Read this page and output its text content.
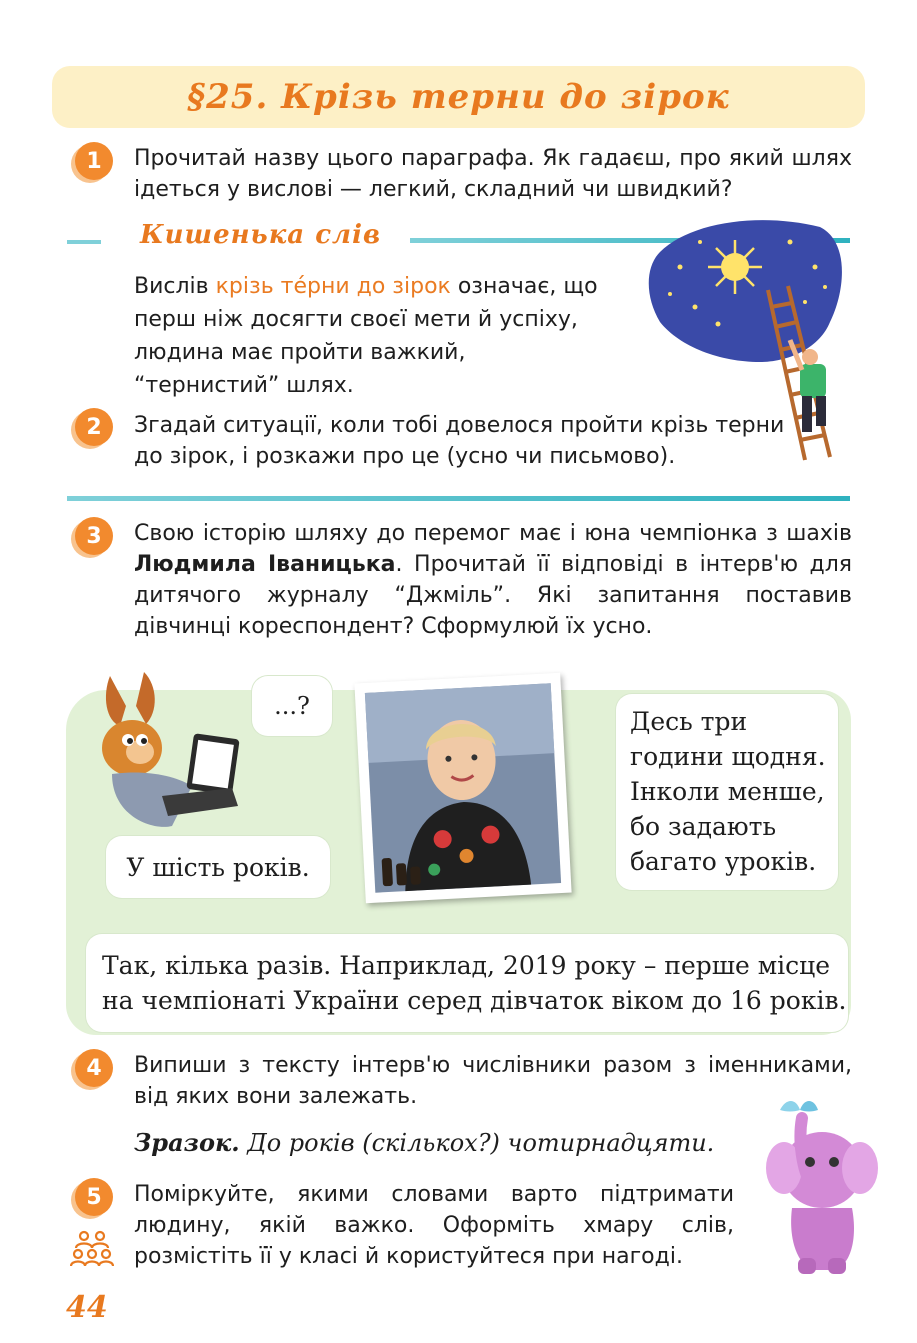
§25. Крізь терни до зірок
1	Прочитай назву цього параграфа. Як гадаєш, про який шлях ідеться у вислові — легкий, складний чи швидкий?
Кишенька слів
Вислів крізь те́рни до зірок означає, що перш ніж досягти своєї мети й успіху, людина має пройти важкий, “тернистий” шлях.
2	Згадай ситуації, коли тобі довелося пройти крізь терни до зірок, і розкажи про це (усно чи письмово).
3	Свою історію шляху до перемог має і юна чемпіонка з шахів Людмила Іваницька. Прочитай її відповіді в інтерв'ю для дитячого журналу “Джміль”. Які запитання поставив дівчинці кореспондент? Сформулюй їх усно.
...?
У шість років.
Десь три години щодня. Інколи менше, бо задають багато уроків.
Так, кілька разів. Наприклад, 2019 року – перше місце на чемпіонаті України серед дівчаток віком до 16 років.
4	Випиши з тексту інтерв'ю числівники разом з іменниками, від яких вони залежать.
Зразок. До років (скількох?) чотирнадцяти.
5	Поміркуйте, якими словами варто підтримати людину, якій важко. Оформіть хмару слів, розмістіть її у класі й користуйтеся при нагоді.
44
